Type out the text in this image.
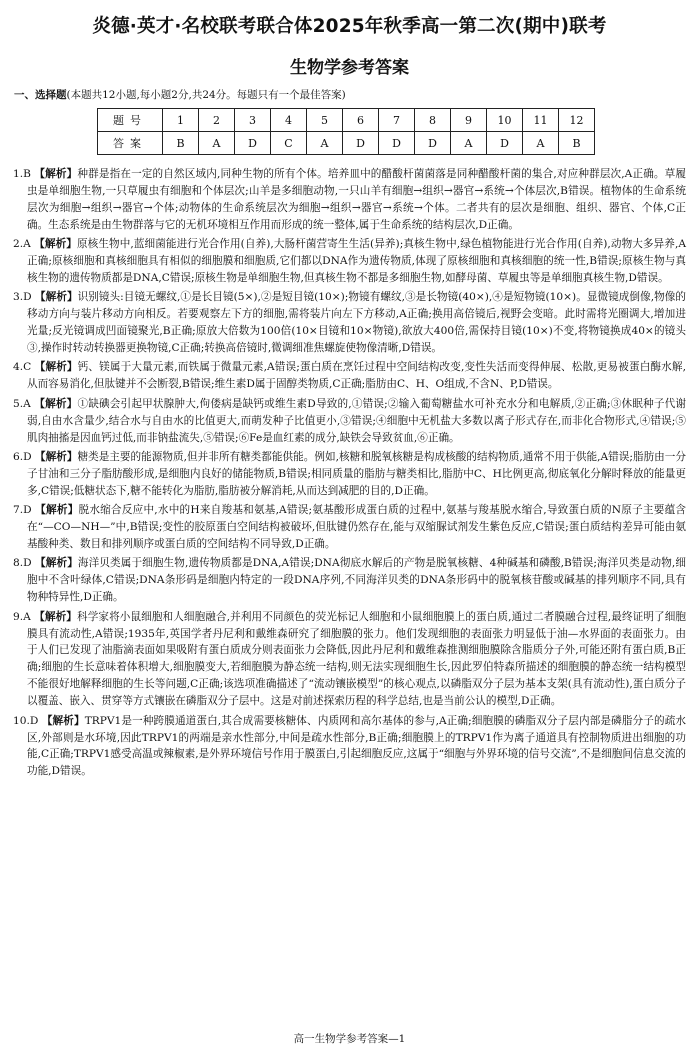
炎德·英才·名校联考联合体2025年秋季高一第二次(期中)联考
生物学参考答案
一、选择题(本题共12小题,每小题2分,共24分。每题只有一个最佳答案)
题号	1	2	3	4	5	6	7	8	9	10	11	12
答案	B	A	D	C	A	D	D	D	A	D	A	B
1.B 【解析】种群是指在一定的自然区域内,同种生物的所有个体。培养皿中的醋酸杆菌菌落是同种醋酸杆菌的集合,对应种群层次,A正确。草履虫是单细胞生物,一只草履虫有细胞和个体层次;山羊是多细胞动物,一只山羊有细胞→组织→器官→系统→个体层次,B错误。植物体的生命系统层次为细胞→组织→器官→个体;动物体的生命系统层次为细胞→组织→器官→系统→个体。二者共有的层次是细胞、组织、器官、个体,C正确。生态系统是由生物群落与它的无机环境相互作用而形成的统一整体,属于生命系统的结构层次,D正确。
2.A 【解析】原核生物中,蓝细菌能进行光合作用(自养),大肠杆菌营寄生生活(异养);真核生物中,绿色植物能进行光合作用(自养),动物大多异养,A正确;原核细胞和真核细胞具有相似的细胞膜和细胞质,它们都以DNA作为遗传物质,体现了原核细胞和真核细胞的统一性,B错误;原核生物与真核生物的遗传物质都是DNA,C错误;原核生物是单细胞生物,但真核生物不都是多细胞生物,如酵母菌、草履虫等是单细胞真核生物,D错误。
3.D 【解析】识别镜头:目镜无螺纹,①是长目镜(5×),②是短目镜(10×);物镜有螺纹,③是长物镜(40×),④是短物镜(10×)。显微镜成倒像,物像的移动方向与装片移动方向相反。若要观察左下方的细胞,需将装片向左下方移动,A正确;换用高倍镜后,视野会变暗。此时需将光圈调大,增加进光量;反光镜调成凹面镜聚光,B正确;原放大倍数为100倍(10×目镜和10×物镜),欲放大400倍,需保持目镜(10×)不变,将物镜换成40×的镜头③,操作时转动转换器更换物镜,C正确;转换高倍镜时,微调细准焦螺旋使物像清晰,D错误。
4.C 【解析】钙、镁属于大量元素,而铁属于微量元素,A错误;蛋白质在烹饪过程中空间结构改变,变性失活而变得伸展、松散,更易被蛋白酶水解,从而容易消化,但肽键并不会断裂,B错误;维生素D属于固醇类物质,C正确;脂肪由C、H、O组成,不含N、P,D错误。
5.A 【解析】①缺碘会引起甲状腺肿大,佝偻病是缺钙或维生素D导致的,①错误;②输入葡萄糖盐水可补充水分和电解质,②正确;③休眠种子代谢弱,自由水含量少,结合水与自由水的比值更大,而萌发种子比值更小,③错误;④细胞中无机盐大多数以离子形式存在,而非化合物形式,④错误;⑤肌肉抽搐是因血钙过低,而非钠盐流失,⑤错误;⑥Fe是血红素的成分,缺铁会导致贫血,⑥正确。
6.D 【解析】糖类是主要的能源物质,但并非所有糖类都能供能。例如,核糖和脱氧核糖是构成核酸的结构物质,通常不用于供能,A错误;脂肪由一分子甘油和三分子脂肪酸形成,是细胞内良好的储能物质,B错误;相同质量的脂肪与糖类相比,脂肪中C、H比例更高,彻底氧化分解时释放的能量更多,C错误;低糖状态下,糖不能转化为脂肪,脂肪被分解消耗,从而达到减肥的目的,D正确。
7.D 【解析】脱水缩合反应中,水中的H来自羧基和氨基,A错误;氨基酸形成蛋白质的过程中,氨基与羧基脱水缩合,导致蛋白质的N原子主要蕴含在“—CO—NH—”中,B错误;变性的胶原蛋白空间结构被破坏,但肽键仍然存在,能与双缩脲试剂发生紫色反应,C错误;蛋白质结构差异可能由氨基酸种类、数目和排列顺序或蛋白质的空间结构不同导致,D正确。
8.D 【解析】海洋贝类属于细胞生物,遗传物质都是DNA,A错误;DNA彻底水解后的产物是脱氧核糖、4种碱基和磷酸,B错误;海洋贝类是动物,细胞中不含叶绿体,C错误;DNA条形码是细胞内特定的一段DNA序列,不同海洋贝类的DNA条形码中的脱氧核苷酸或碱基的排列顺序不同,具有物种特异性,D正确。
9.A 【解析】科学家将小鼠细胞和人细胞融合,并利用不同颜色的荧光标记人细胞和小鼠细胞膜上的蛋白质,通过二者膜融合过程,最终证明了细胞膜具有流动性,A错误;1935年,英国学者丹尼利和戴维森研究了细胞膜的张力。他们发现细胞的表面张力明显低于油—水界面的表面张力。由于人们已发现了油脂滴表面如果吸附有蛋白质成分则表面张力会降低,因此丹尼利和戴维森推测细胞膜除含脂质分子外,可能还附有蛋白质,B正确;细胞的生长意味着体积增大,细胞膜变大,若细胞膜为静态统一结构,则无法实现细胞生长,因此罗伯特森所描述的细胞膜的静态统一结构模型不能很好地解释细胞的生长等问题,C正确;该选项准确描述了“流动镶嵌模型”的核心观点,以磷脂双分子层为基本支架(具有流动性),蛋白质分子以覆盖、嵌入、贯穿等方式镶嵌在磷脂双分子层中。这是对前述探索历程的科学总结,也是当前公认的模型,D正确。
10.D 【解析】TRPV1是一种跨膜通道蛋白,其合成需要核糖体、内质网和高尔基体的参与,A正确;细胞膜的磷脂双分子层内部是磷脂分子的疏水区,外部则是水环境,因此TRPV1的两端是亲水性部分,中间是疏水性部分,B正确;细胞膜上的TRPV1作为离子通道具有控制物质进出细胞的功能,C正确;TRPV1感受高温或辣椒素,是外界环境信号作用于膜蛋白,引起细胞反应,这属于“细胞与外界环境的信号交流”,不是细胞间信息交流的功能,D错误。
高一生物学参考答案—1
